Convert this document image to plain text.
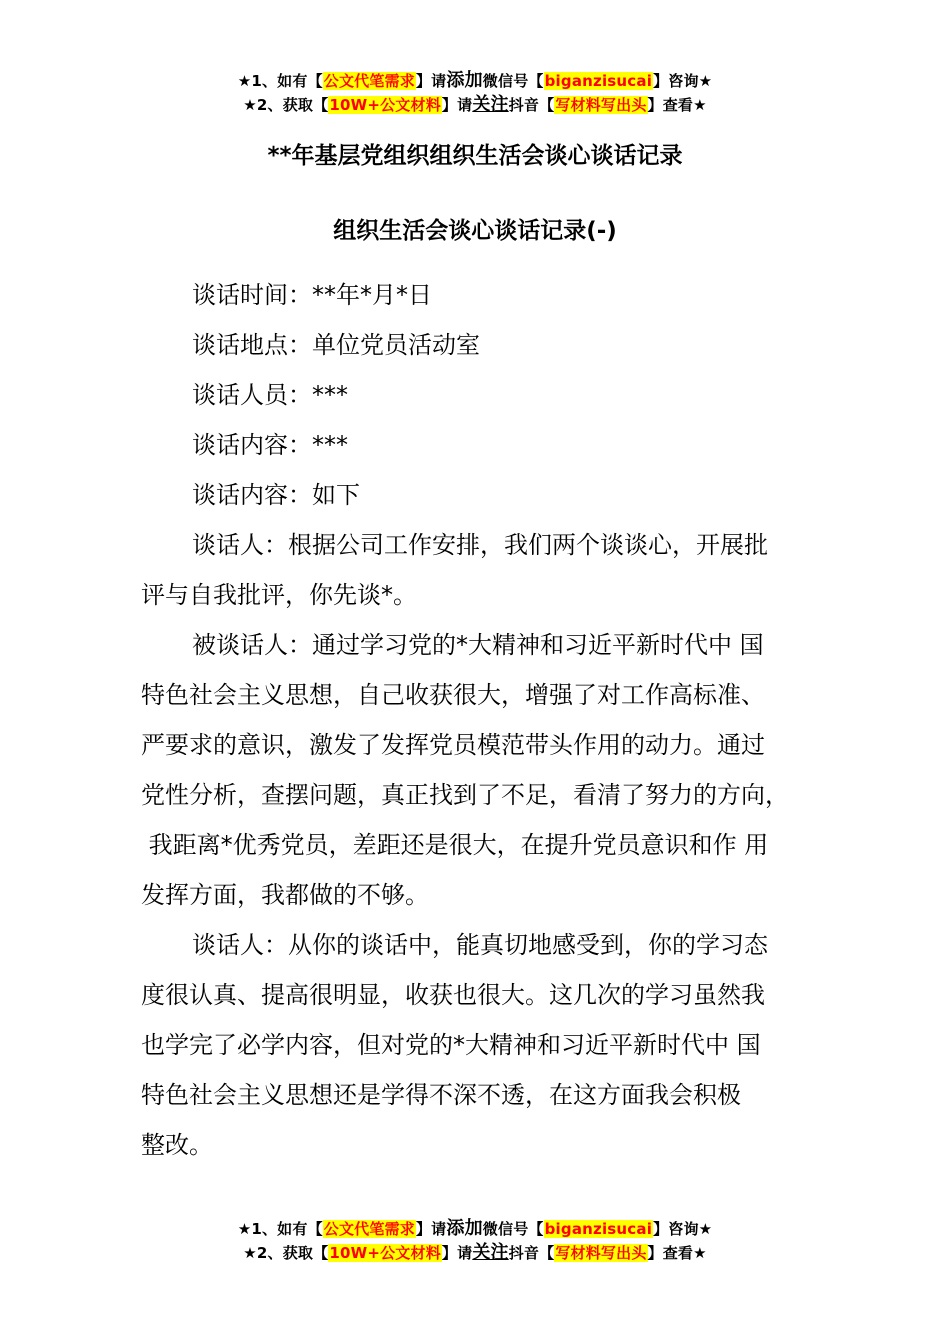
★1、如有【公文代笔需求】请添加微信号【biganzisucai】咨询★
★2、获取【10W+公文材料】请关注抖音【写材料写出头】查看★
**年基层党组织组织生活会谈心谈话记录
组织生活会谈心谈话记录(-)
谈话时间：**年*月*日
谈话地点：单位党员活动室
谈话人员：***
谈话内容：***
谈话内容：如下
谈话人：根据公司工作安排，我们两个谈谈心，开展批
评与自我批评，你先谈*。
被谈话人：通过学习党的*大精神和习近平新时代中 国
特色社会主义思想，自己收获很大，增强了对工作高标准、
严要求的意识，激发了发挥党员模范带头作用的动力。通过
党性分析，查摆问题，真正找到了不足，看清了努力的方向，
我距离*优秀党员，差距还是很大，在提升党员意识和作 用
发挥方面，我都做的不够。
谈话人：从你的谈话中，能真切地感受到，你的学习态
度很认真、提高很明显，收获也很大。这几次的学习虽然我
也学完了必学内容，但对党的*大精神和习近平新时代中 国
特色社会主义思想还是学得不深不透，在这方面我会积极
整改。
★1、如有【公文代笔需求】请添加微信号【biganzisucai】咨询★
★2、获取【10W+公文材料】请关注抖音【写材料写出头】查看★
